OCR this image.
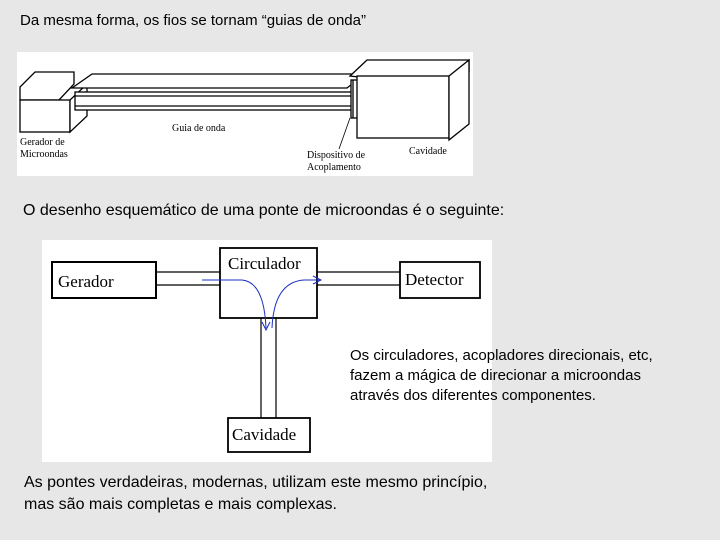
Da mesma forma, os fios se tornam “guias de onda”
Guia de onda
Gerador de
Microondas	Dispositivo de
Acoplamento
Cavidade
O desenho esquemático de uma ponte de microondas é o seguinte:
Gerador
Circulador
Detector
Cavidade
Os circuladores, acopladores direcionais, etc,
fazem a mágica de direcionar a microondas
através dos diferentes componentes.
As pontes verdadeiras, modernas, utilizam este mesmo princípio,
mas são mais completas e mais complexas.
